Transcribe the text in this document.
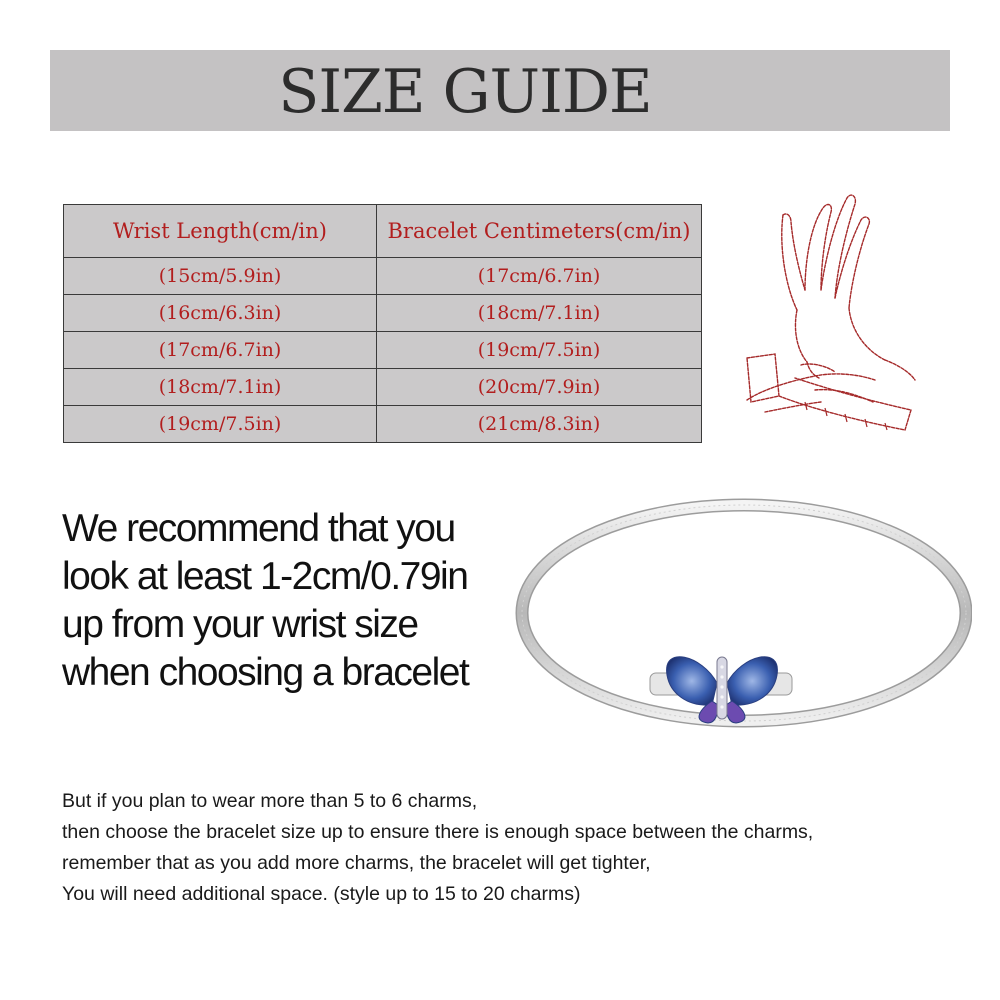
SIZE GUIDE
Wrist Length(cm/in)	Bracelet Centimeters(cm/in)
(15cm/5.9in)	(17cm/6.7in)
(16cm/6.3in)	(18cm/7.1in)
(17cm/6.7in)	(19cm/7.5in)
(18cm/7.1in)	(20cm/7.9in)
(19cm/7.5in)	(21cm/8.3in)
We recommend that you
look at least 1-2cm/0.79in
up from your wrist size
when choosing a bracelet
But if you plan to wear more than 5 to 6 charms,
then choose the bracelet size up to ensure there is enough space between the charms,
remember that as you add more charms, the bracelet will get tighter,
You will need additional space. (style up to 15 to 20 charms)
